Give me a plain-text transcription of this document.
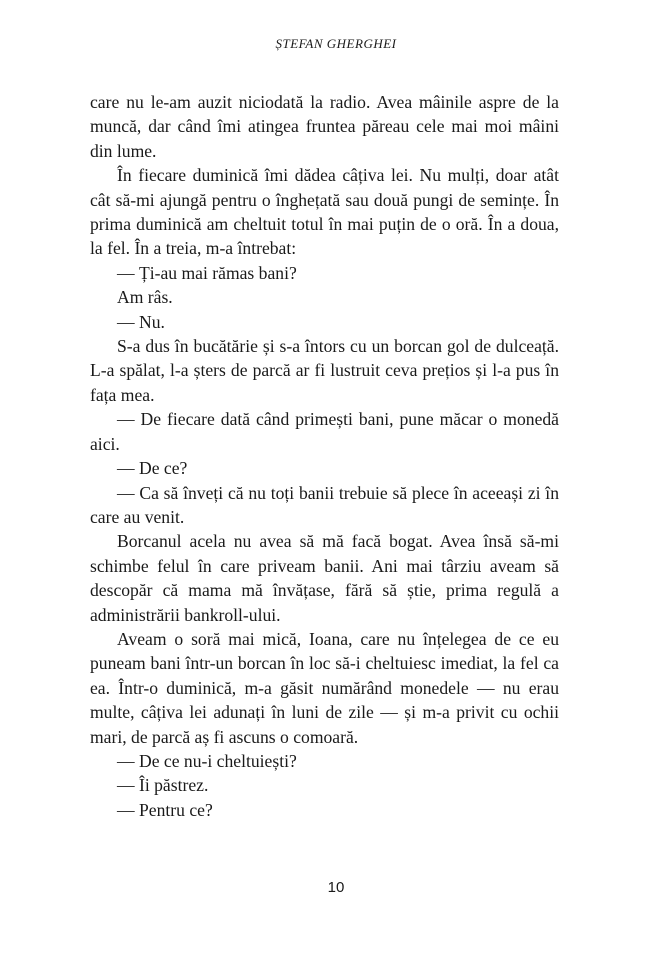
ȘTEFAN GHERGHEI

care nu le-am auzit niciodată la radio. Avea mâinile aspre de la muncă, dar când îmi atingea fruntea păreau cele mai moi mâini din lume.

În fiecare duminică îmi dădea câțiva lei. Nu mulți, doar atât cât să-mi ajungă pentru o înghețată sau două pungi de semințe. În prima duminică am cheltuit totul în mai puțin de o oră. În a doua, la fel. În a treia, m-a întrebat:

— Ți-au mai rămas bani?

Am râs.

— Nu.

S-a dus în bucătărie și s-a întors cu un borcan gol de dulceață. L-a spălat, l-a șters de parcă ar fi lustruit ceva prețios și l-a pus în fața mea.

— De fiecare dată când primești bani, pune măcar o monedă aici.

— De ce?

— Ca să înveți că nu toți banii trebuie să plece în aceeași zi în care au venit.

Borcanul acela nu avea să mă facă bogat. Avea însă să-mi schimbe felul în care priveam banii. Ani mai târziu aveam să descopăr că mama mă învățase, fără să știe, prima regulă a administrării bankroll-ului.

Aveam o soră mai mică, Ioana, care nu înțelegea de ce eu puneam bani într-un borcan în loc să-i cheltuiesc imediat, la fel ca ea. Într-o duminică, m-a găsit numărând monedele — nu erau multe, câțiva lei adunați în luni de zile — și m-a privit cu ochii mari, de parcă aș fi ascuns o comoară.

— De ce nu-i cheltuiești?

— Îi păstrez.

— Pentru ce?

10
